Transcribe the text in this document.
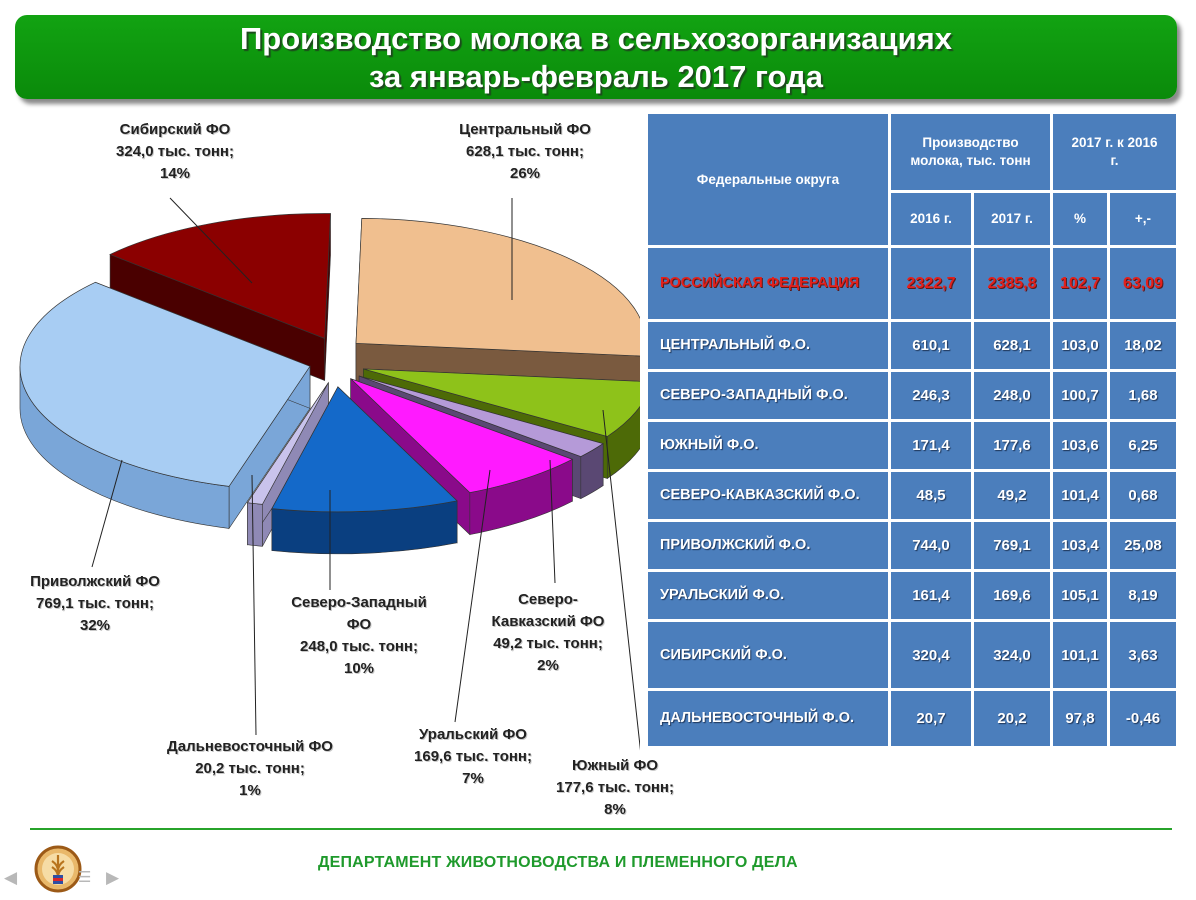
Производство молока в сельхозорганизациях
за январь-февраль 2017 года
Центральный ФО
628,1 тыс. тонн;
26%
Сибирский ФО
324,0 тыс. тонн;
14%
Приволжский ФО
769,1 тыс. тонн;
32%
Северо-Западный
ФО
248,0 тыс. тонн;
10%
Северо-
Кавказский ФО
49,2 тыс. тонн;
2%
Дальневосточный ФО
20,2 тыс. тонн;
1%
Уральский ФО
169,6 тыс. тонн;
7%
Южный ФО
177,6 тыс. тонн;
8%
Федеральные округа	Производство молока, тыс. тонн		2017 г. к 2016 г.	
	2016 г.	2017 г.	%	+,-
РОССИЙСКАЯ ФЕДЕРАЦИЯ	2322,7	2385,8	102,7	63,09
ЦЕНТРАЛЬНЫЙ Ф.О.	610,1	628,1	103,0	18,02
СЕВЕРО-ЗАПАДНЫЙ Ф.О.	246,3	248,0	100,7	1,68
ЮЖНЫЙ Ф.О.	171,4	177,6	103,6	6,25
СЕВЕРО-КАВКАЗСКИЙ Ф.О.	48,5	49,2	101,4	0,68
ПРИВОЛЖСКИЙ Ф.О.	744,0	769,1	103,4	25,08
УРАЛЬСКИЙ Ф.О.	161,4	169,6	105,1	8,19
СИБИРСКИЙ Ф.О.	320,4	324,0	101,1	3,63
ДАЛЬНЕВОСТОЧНЫЙ Ф.О.	20,7	20,2	97,8	-0,46
◀	☰ ▶
ДЕПАРТАМЕНТ ЖИВОТНОВОДСТВА И ПЛЕМЕННОГО ДЕЛА
